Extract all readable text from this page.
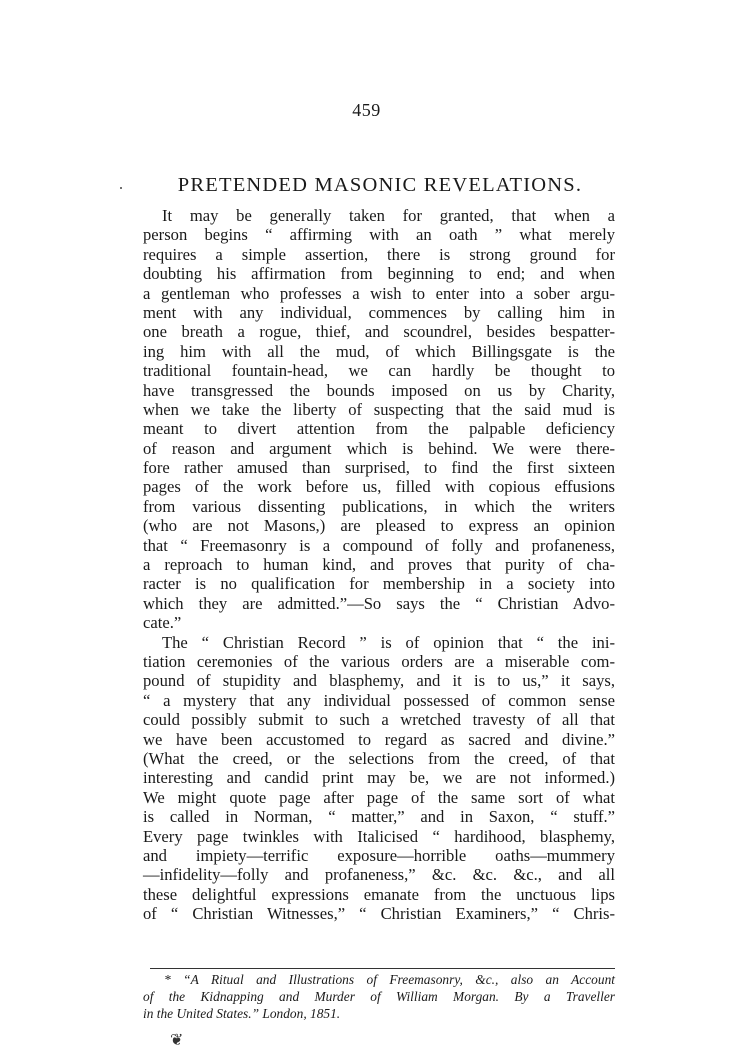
459
PRETENDED MASONIC REVELATIONS.
It may be generally taken for granted, that when a
person begins “ affirming with an oath ” what merely
requires a simple assertion, there is strong ground for
doubting his affirmation from beginning to end; and when
a gentleman who professes a wish to enter into a sober argu-
ment with any individual, commences by calling him in
one breath a rogue, thief, and scoundrel, besides bespatter-
ing him with all the mud, of which Billingsgate is the
traditional fountain-head, we can hardly be thought to
have transgressed the bounds imposed on us by Charity,
when we take the liberty of suspecting that the said mud is
meant to divert attention from the palpable deficiency
of reason and argument which is behind. We were there-
fore rather amused than surprised, to find the first sixteen
pages of the work before us, filled with copious effusions
from various dissenting publications, in which the writers
(who are not Masons,) are pleased to express an opinion
that “ Freemasonry is a compound of folly and profaneness,
a reproach to human kind, and proves that purity of cha-
racter is no qualification for membership in a society into
which they are admitted.”—So says the “ Christian Advo-
cate.”
The “ Christian Record ” is of opinion that “ the ini-
tiation ceremonies of the various orders are a miserable com-
pound of stupidity and blasphemy, and it is to us,” it says,
“ a mystery that any individual possessed of common sense
could possibly submit to such a wretched travesty of all that
we have been accustomed to regard as sacred and divine.”
(What the creed, or the selections from the creed, of that
interesting and candid print may be, we are not informed.)
We might quote page after page of the same sort of what
is called in Norman, “ matter,” and in Saxon, “ stuff.”
Every page twinkles with Italicised “ hardihood, blasphemy,
and impiety—terrific exposure—horrible oaths—mummery
—infidelity—folly and profaneness,” &c. &c. &c., and all
these delightful expressions emanate from the unctuous lips
of “ Christian Witnesses,” “ Christian Examiners,” “ Chris-
* “A Ritual and Illustrations of Freemasonry, &c., also an Account
of the Kidnapping and Murder of William Morgan. By a Traveller
in the United States.” London, 1851.
❦
